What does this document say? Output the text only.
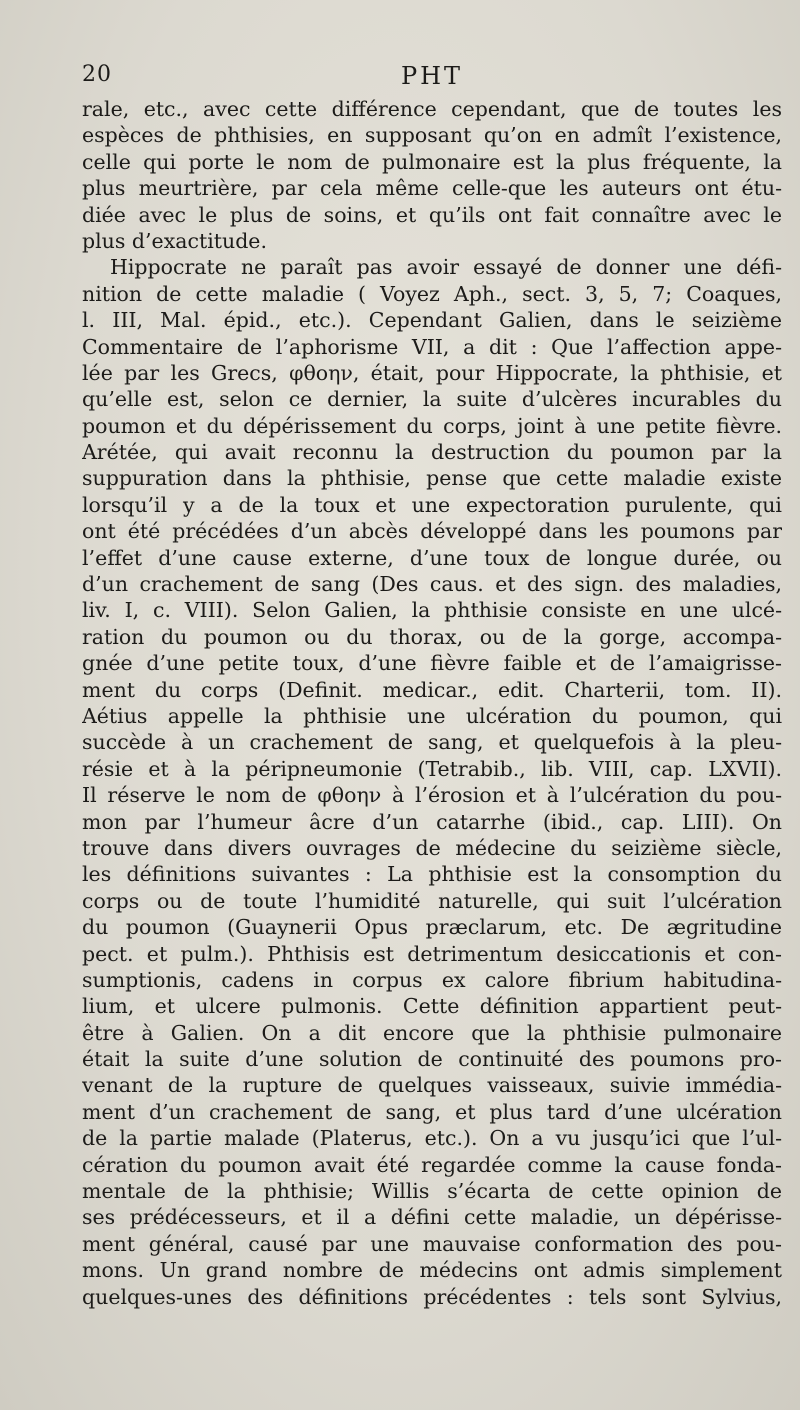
20	PHT
rale, etc., avec cette différence cependant, que de toutes les
espèces de phthisies, en supposant qu’on en admît l’existence,
celle qui porte le nom de pulmonaire est la plus fréquente, la
plus meurtrière, par cela même celle-que les auteurs ont étu-
diée avec le plus de soins, et qu’ils ont fait connaître avec le
plus d’exactitude.
Hippocrate ne paraît pas avoir essayé de donner une défi-
nition de cette maladie ( Voyez Aph., sect. 3, 5, 7; Coaques,
l. III, Mal. épid., etc.). Cependant Galien, dans le seizième
Commentaire de l’aphorisme VII, a dit : Que l’affection appe-
lée par les Grecs, φθοην, était, pour Hippocrate, la phthisie, et
qu’elle est, selon ce dernier, la suite d’ulcères incurables du
poumon et du dépérissement du corps, joint à une petite fièvre.
Arétée, qui avait reconnu la destruction du poumon par la
suppuration dans la phthisie, pense que cette maladie existe
lorsqu’il y a de la toux et une expectoration purulente, qui
ont été précédées d’un abcès développé dans les poumons par
l’effet d’une cause externe, d’une toux de longue durée, ou
d’un crachement de sang (Des caus. et des sign. des maladies,
liv. I, c. VIII). Selon Galien, la phthisie consiste en une ulcé-
ration du poumon ou du thorax, ou de la gorge, accompa-
gnée d’une petite toux, d’une fièvre faible et de l’amaigrisse-
ment du corps (Definit. medicar., edit. Charterii, tom. II).
Aétius appelle la phthisie une ulcération du poumon, qui
succède à un crachement de sang, et quelquefois à la pleu-
résie et à la péripneumonie (Tetrabib., lib. VIII, cap. LXVII).
Il réserve le nom de φθοην à l’érosion et à l’ulcération du pou-
mon par l’humeur âcre d’un catarrhe (ibid., cap. LIII). On
trouve dans divers ouvrages de médecine du seizième siècle,
les définitions suivantes : La phthisie est la consomption du
corps ou de toute l’humidité naturelle, qui suit l’ulcération
du poumon (Guaynerii Opus præclarum, etc. De ægritudine
pect. et pulm.). Phthisis est detrimentum desiccationis et con-
sumptionis, cadens in corpus ex calore fibrium habitudina-
lium, et ulcere pulmonis. Cette définition appartient peut-
être à Galien. On a dit encore que la phthisie pulmonaire
était la suite d’une solution de continuité des poumons pro-
venant de la rupture de quelques vaisseaux, suivie immédia-
ment d’un crachement de sang, et plus tard d’une ulcération
de la partie malade (Platerus, etc.). On a vu jusqu’ici que l’ul-
cération du poumon avait été regardée comme la cause fonda-
mentale de la phthisie; Willis s’écarta de cette opinion de
ses prédécesseurs, et il a défini cette maladie, un dépérisse-
ment général, causé par une mauvaise conformation des pou-
mons. Un grand nombre de médecins ont admis simplement
quelques-unes des définitions précédentes : tels sont Sylvius,
